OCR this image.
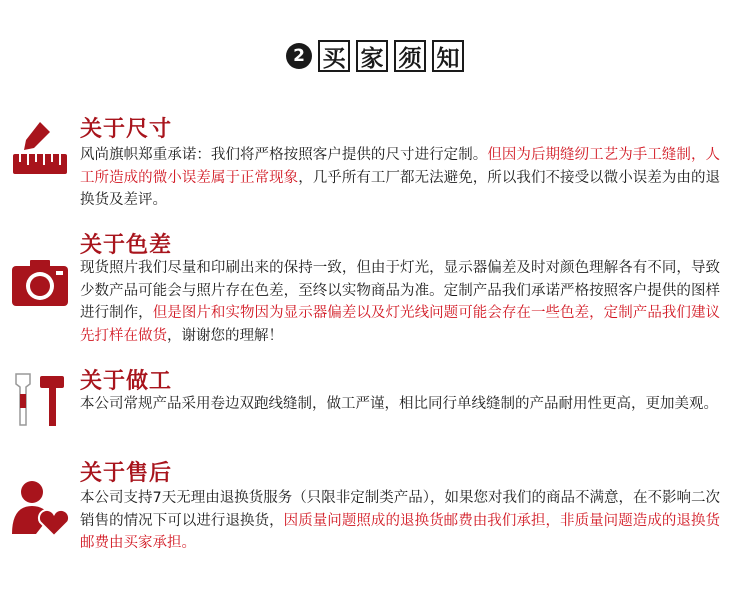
2 买 家 须 知
关于尺寸
风尚旗帜郑重承诺：我们将严格按照客户提供的尺寸进行定制。但因为后期缝纫工艺为手工缝制，人工所造成的微小误差属于正常现象，几乎所有工厂都无法避免，所以我们不接受以微小误差为由的退换货及差评。
关于色差
现货照片我们尽量和印刷出来的保持一致，但由于灯光，显示器偏差及时对颜色理解各有不同，导致少数产品可能会与照片存在色差，至终以实物商品为准。定制产品我们承诺严格按照客户提供的图样进行制作，但是图片和实物因为显示器偏差以及灯光线问题可能会存在一些色差，定制产品我们建议先打样在做货，谢谢您的理解！
关于做工
本公司常规产品采用卷边双跑线缝制，做工严谨，相比同行单线缝制的产品耐用性更高，更加美观。
关于售后
本公司支持7天无理由退换货服务（只限非定制类产品），如果您对我们的商品不满意，在不影响二次销售的情况下可以进行退换货，因质量问题照成的退换货邮费由我们承担，非质量问题造成的退换货邮费由买家承担。
